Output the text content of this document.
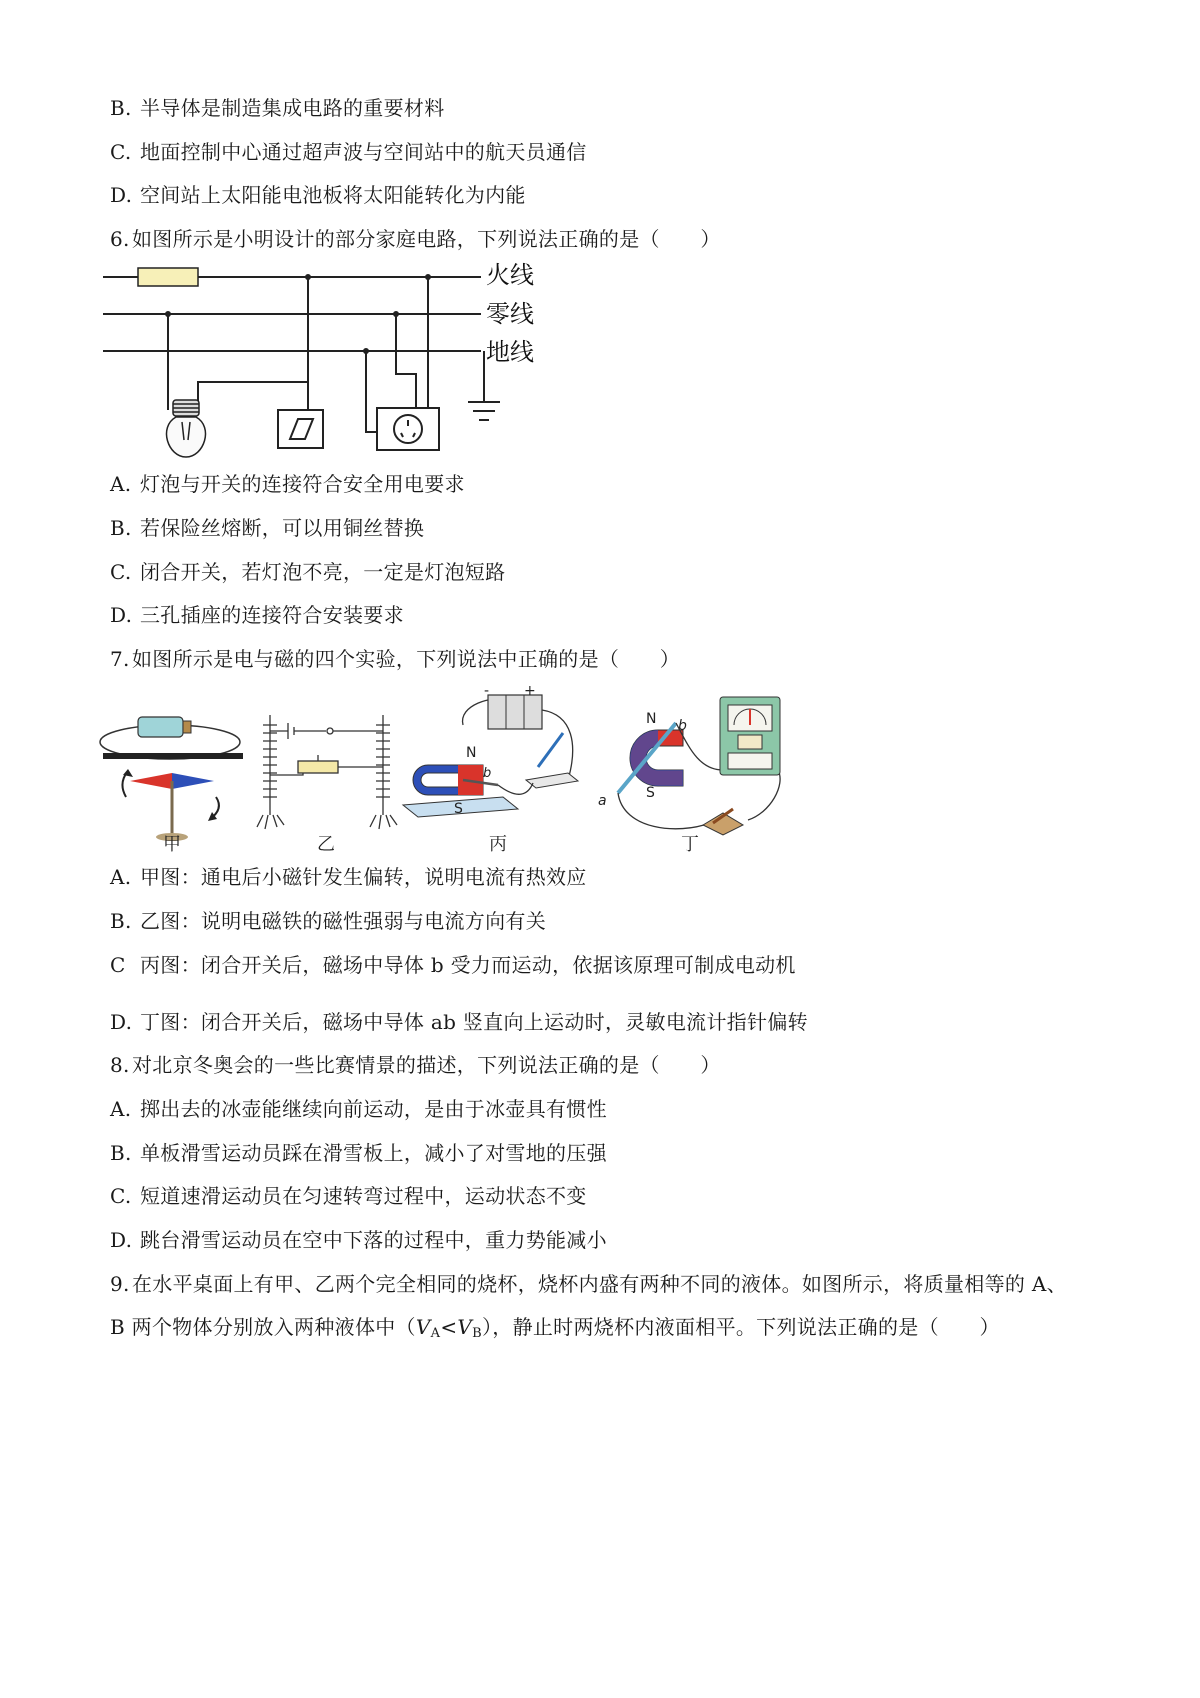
B. 半导体是制造集成电路的重要材料
C. 地面控制中心通过超声波与空间站中的航天员通信
D. 空间站上太阳能电池板将太阳能转化为内能
6. 如图所示是小明设计的部分家庭电路，下列说法正确的是（　　）
火线
零线
地线
A. 灯泡与开关的连接符合安全用电要求
B. 若保险丝熔断，可以用铜丝替换
C. 闭合开关，若灯泡不亮，一定是灯泡短路
D. 三孔插座的连接符合安装要求
7. 如图所示是电与磁的四个实验，下列说法中正确的是（　　）
甲	乙
- +
N
S
b
丙
N
S
b
a
丁
A. 甲图：通电后小磁针发生偏转，说明电流有热效应
B. 乙图：说明电磁铁的磁性强弱与电流方向有关
C 丙图：闭合开关后，磁场中导体 b 受力而运动，依据该原理可制成电动机
D. 丁图：闭合开关后，磁场中导体 ab 竖直向上运动时，灵敏电流计指针偏转
8. 对北京冬奥会的一些比赛情景的描述，下列说法正确的是（　　）
A. 掷出去的冰壶能继续向前运动，是由于冰壶具有惯性
B. 单板滑雪运动员踩在滑雪板上，减小了对雪地的压强
C. 短道速滑运动员在匀速转弯过程中，运动状态不变
D. 跳台滑雪运动员在空中下落的过程中，重力势能减小
9. 在水平桌面上有甲、乙两个完全相同的烧杯，烧杯内盛有两种不同的液体。如图所示，将质量相等的 A、
B 两个物体分别放入两种液体中$(V_A<V_B)$，静止时两烧杯内液面相平。下列说法正确的是（　　）
